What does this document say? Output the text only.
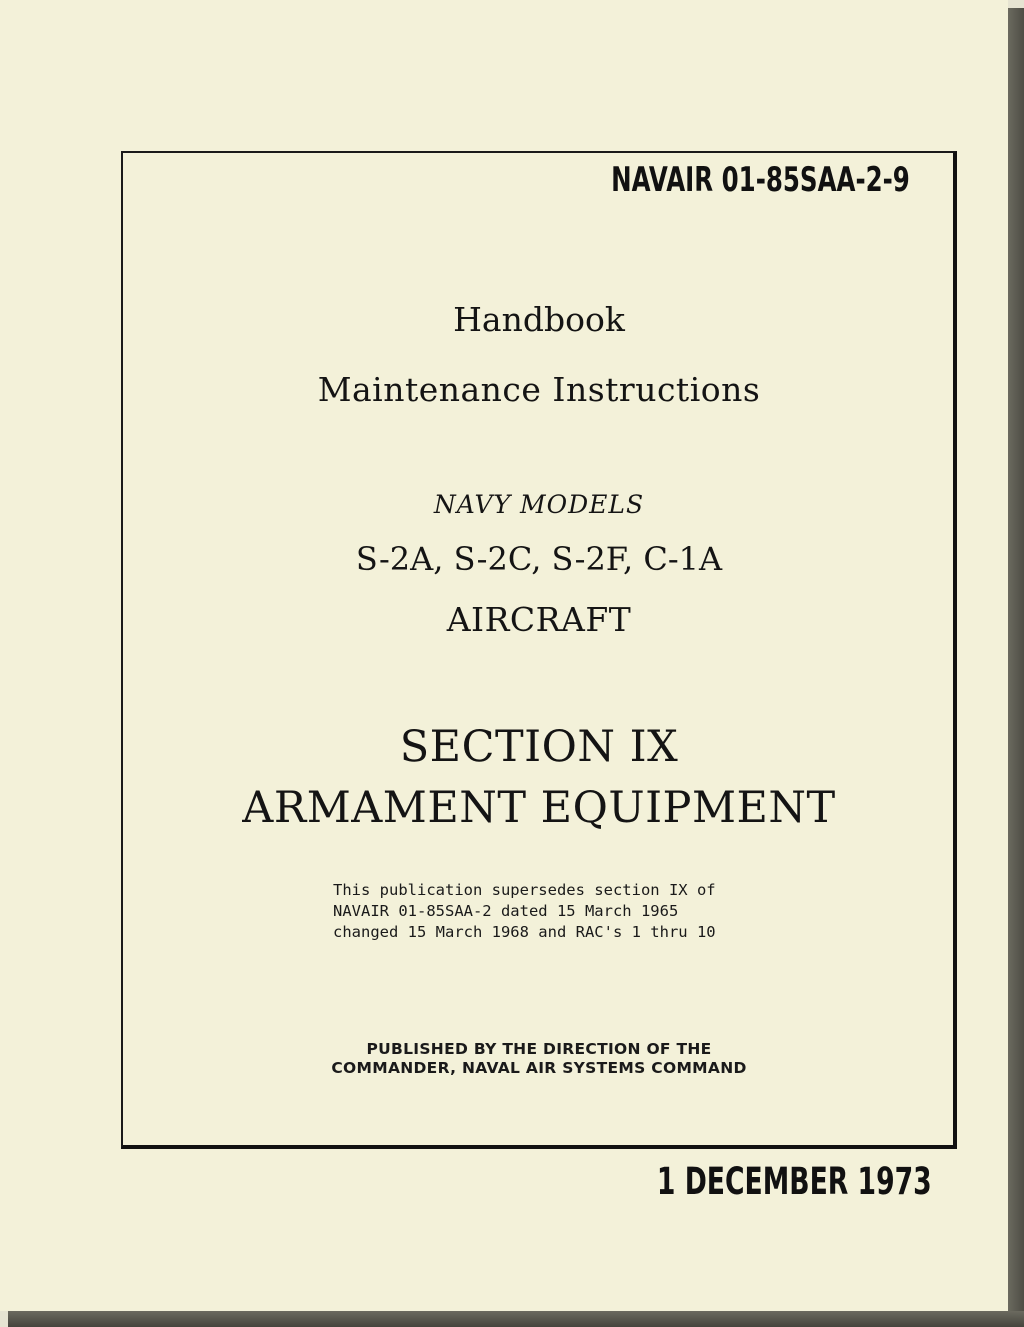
NAVAIR 01-85SAA-2-9
Handbook
Maintenance Instructions
NAVY MODELS
S-2A, S-2C, S-2F, C-1A
AIRCRAFT
SECTION IX
ARMAMENT EQUIPMENT
This publication supersedes section IX of
NAVAIR 01-85SAA-2 dated 15 March 1965
changed 15 March 1968 and RAC's 1 thru 10
PUBLISHED BY THE DIRECTION OF THE
COMMANDER, NAVAL AIR SYSTEMS COMMAND
1 DECEMBER 1973
